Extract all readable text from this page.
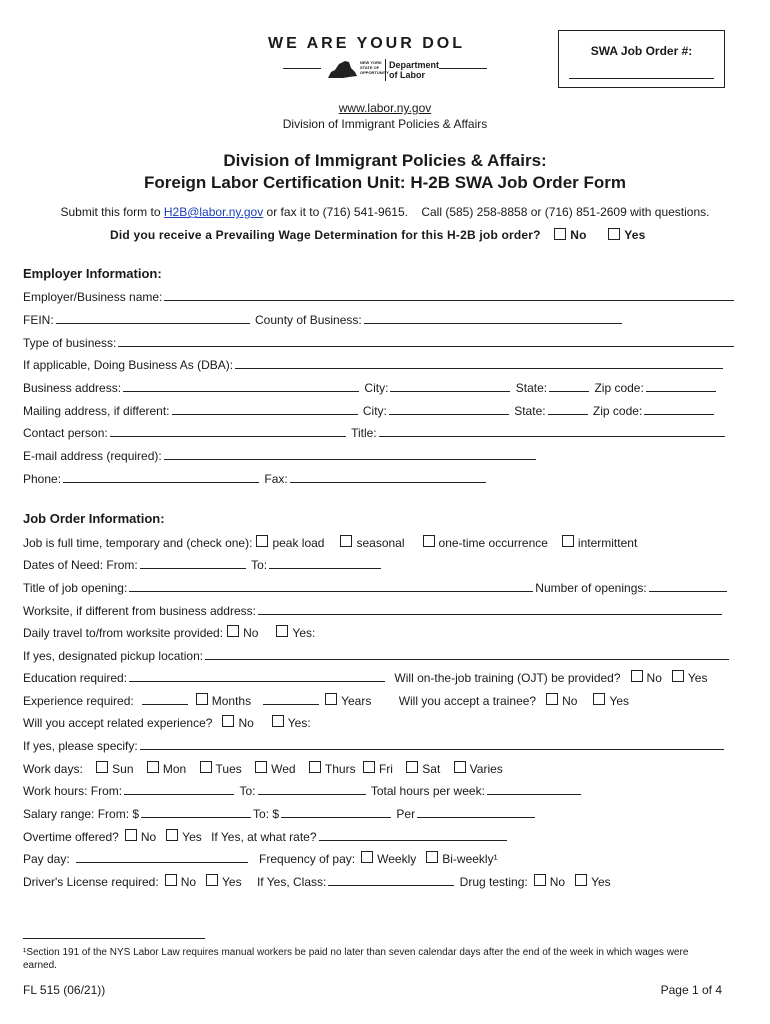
WE ARE YOUR DOL
NEW YORK STATE OF OPPORTUNITY
Department of Labor
www.labor.ny.gov
Division of Immigrant Policies & Affairs
SWA Job Order #:
Division of Immigrant Policies & Affairs:
Foreign Labor Certification Unit: H-2B SWA Job Order Form
Submit this form to H2B@labor.ny.gov or fax it to (716) 541-9615. Call (585) 258-8858 or (716) 851-2609 with questions.
Did you receive a Prevailing Wage Determination for this H-2B job order? No	Yes
Employer Information:
Employer/Business name:
FEIN:	County of Business:
Type of business:
If applicable, Doing Business As (DBA):
Business address:	City:	State:	Zip code:
Mailing address, if different:	City:	State:	Zip code:
Contact person:	Title:
E-mail address (required):
Phone:	Fax:
Job Order Information:
Job is full time, temporary and (check one): peak load	seasonal	one-time occurrence	intermittent
Dates of Need: From:	To:
Title of job opening:	Number of openings:
Worksite, if different from business address:
Daily travel to/from worksite provided: No	Yes:
If yes, designated pickup location:
Education required:	Will on-the-job training (OJT) be provided? No Yes
Experience required:	Months	Years Will you accept a trainee? No	Yes
Will you accept related experience? No	Yes:
If yes, please specify:
Work days: Sun Mon Tues Wed Thurs Fri Sat Varies
Work hours: From:	To:	Total hours per week:
Salary range: From: $	To: $	Per
Overtime offered? No Yes If Yes, at what rate?
Pay day:	Frequency of pay: Weekly Bi-weekly¹
Driver's License required: No Yes If Yes, Class:	Drug testing: No Yes
¹Section 191 of the NYS Labor Law requires manual workers be paid no later than seven calendar days after the end of the week in which wages were earned.
FL 515 (06/21))	Page 1 of 4
